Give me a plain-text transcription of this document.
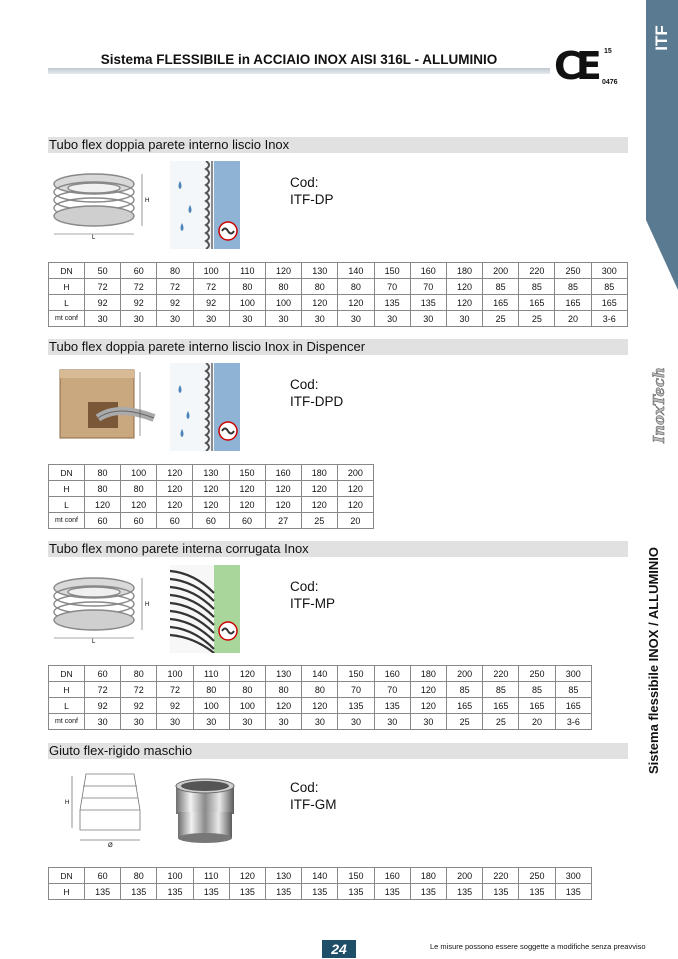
Sistema FLESSIBILE in ACCIAIO INOX AISI 316L - ALLUMINIO	CE 15
0476
ITF
InoxTech
Sistema flessibile INOX / ALLUMINIO
Tubo flex doppia parete interno liscio Inox
L
H
Cod:
ITF-DP
DN	50	60	80	100	110	120	130	140	150	160	180	200	220	250	300
H	72	72	72	72	80	80	80	80	70	70	120	85	85	85	85
L	92	92	92	92	100	100	120	120	135	135	120	165	165	165	165
mt conf	30	30	30	30	30	30	30	30	30	30	30	25	25	20	3-6
Tubo flex doppia parete interno liscio Inox in Dispencer
Cod:
ITF-DPD
DN	80	100	120	130	150	160	180	200
H	80	80	120	120	120	120	120	120
L	120	120	120	120	120	120	120	120
mt conf	60	60	60	60	60	27	25	20
Tubo flex mono parete interna corrugata Inox
L
H
Cod:
ITF-MP
DN	60	80	100	110	120	130	140	150	160	180	200	220	250	300
H	72	72	72	80	80	80	80	70	70	120	85	85	85	85
L	92	92	92	100	100	120	120	135	135	120	165	165	165	165
mt conf	30	30	30	30	30	30	30	30	30	30	25	25	20	3-6
Giuto flex-rigido maschio
H
Ø
Cod:
ITF-GM
DN	60	80	100	110	120	130	140	150	160	180	200	220	250	300
H	135	135	135	135	135	135	135	135	135	135	135	135	135	135
24	Le misure possono essere soggette a modifiche senza preavviso
